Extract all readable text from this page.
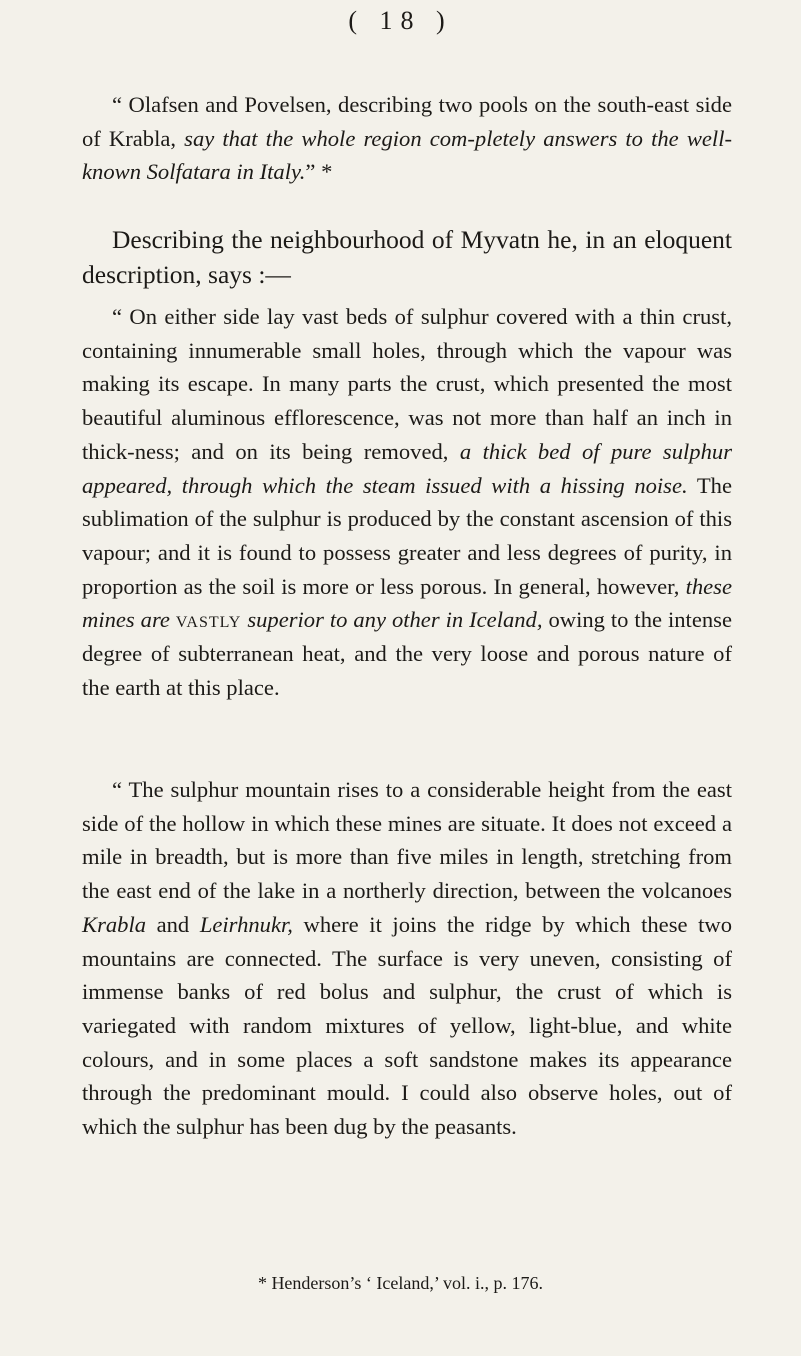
( 18 )

“ Olafsen and Povelsen, describing two pools on the south-east side of Krabla, say that the whole region com-pletely answers to the well-known Solfatara in Italy.” *

Describing the neighbourhood of Myvatn he, in an eloquent description, says :—

“ On either side lay vast beds of sulphur covered with a thin crust, containing innumerable small holes, through which the vapour was making its escape. In many parts the crust, which presented the most beautiful aluminous efflorescence, was not more than half an inch in thick-ness; and on its being removed, a thick bed of pure sulphur appeared, through which the steam issued with a hissing noise. The sublimation of the sulphur is produced by the constant ascension of this vapour; and it is found to possess greater and less degrees of purity, in proportion as the soil is more or less porous. In general, however, these mines are vastly superior to any other in Iceland, owing to the intense degree of subterranean heat, and the very loose and porous nature of the earth at this place.

“ The sulphur mountain rises to a considerable height from the east side of the hollow in which these mines are situate. It does not exceed a mile in breadth, but is more than five miles in length, stretching from the east end of the lake in a northerly direction, between the volcanoes Krabla and Leirhnukr, where it joins the ridge by which these two mountains are connected. The surface is very uneven, consisting of immense banks of red bolus and sulphur, the crust of which is variegated with random mixtures of yellow, light-blue, and white colours, and in some places a soft sandstone makes its appearance through the predominant mould. I could also observe holes, out of which the sulphur has been dug by the peasants.

* Henderson’s ‘ Iceland,’ vol. i., p. 176.
